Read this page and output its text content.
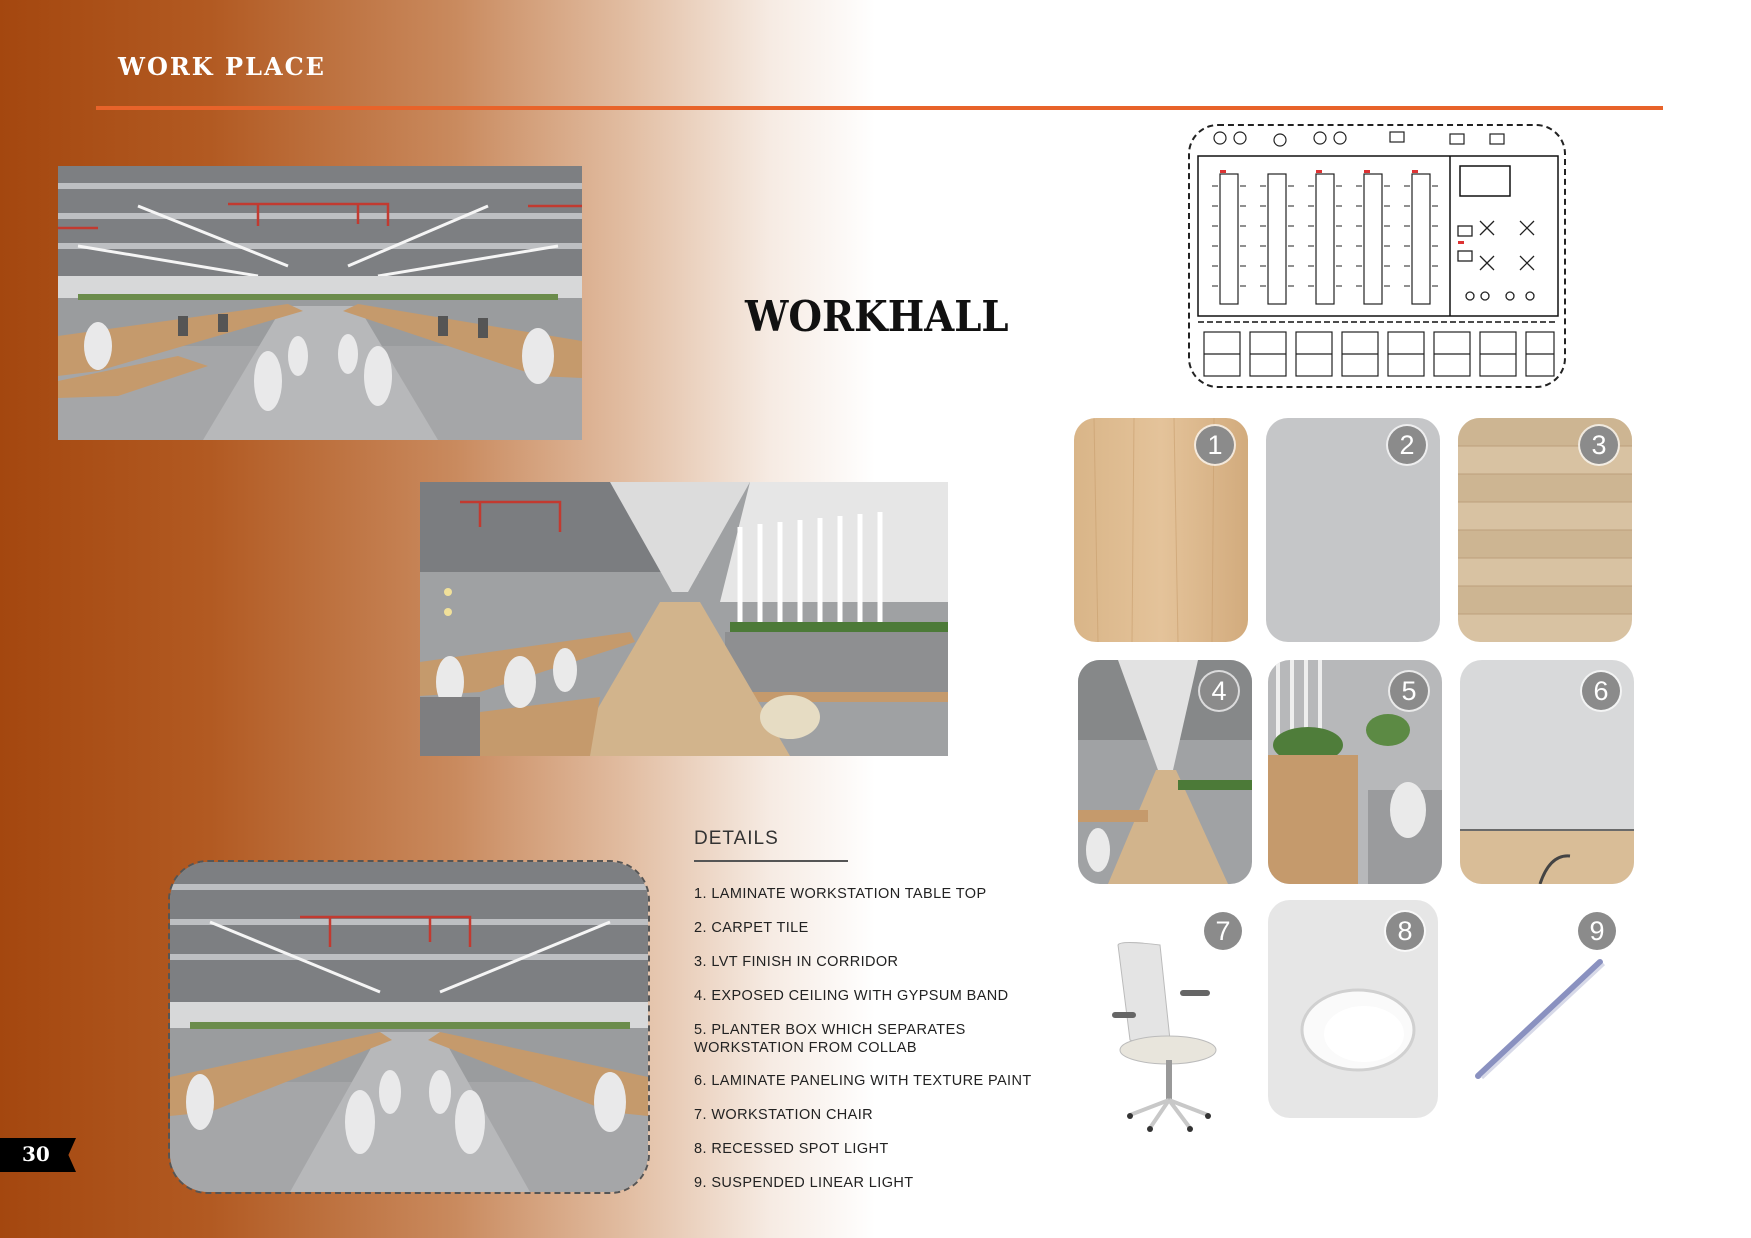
WORK PLACE
WORKHALL
1	2	3
4	5	6
7	8	9
DETAILS
1. LAMINATE WORKSTATION TABLE TOP
2. CARPET TILE
3. LVT FINISH IN CORRIDOR
4. EXPOSED CEILING WITH GYPSUM BAND
5. PLANTER BOX WHICH SEPARATES WORKSTATION FROM COLLAB
6. LAMINATE PANELING WITH TEXTURE PAINT
7. WORKSTATION CHAIR
8. RECESSED SPOT LIGHT
9. SUSPENDED LINEAR LIGHT
30
